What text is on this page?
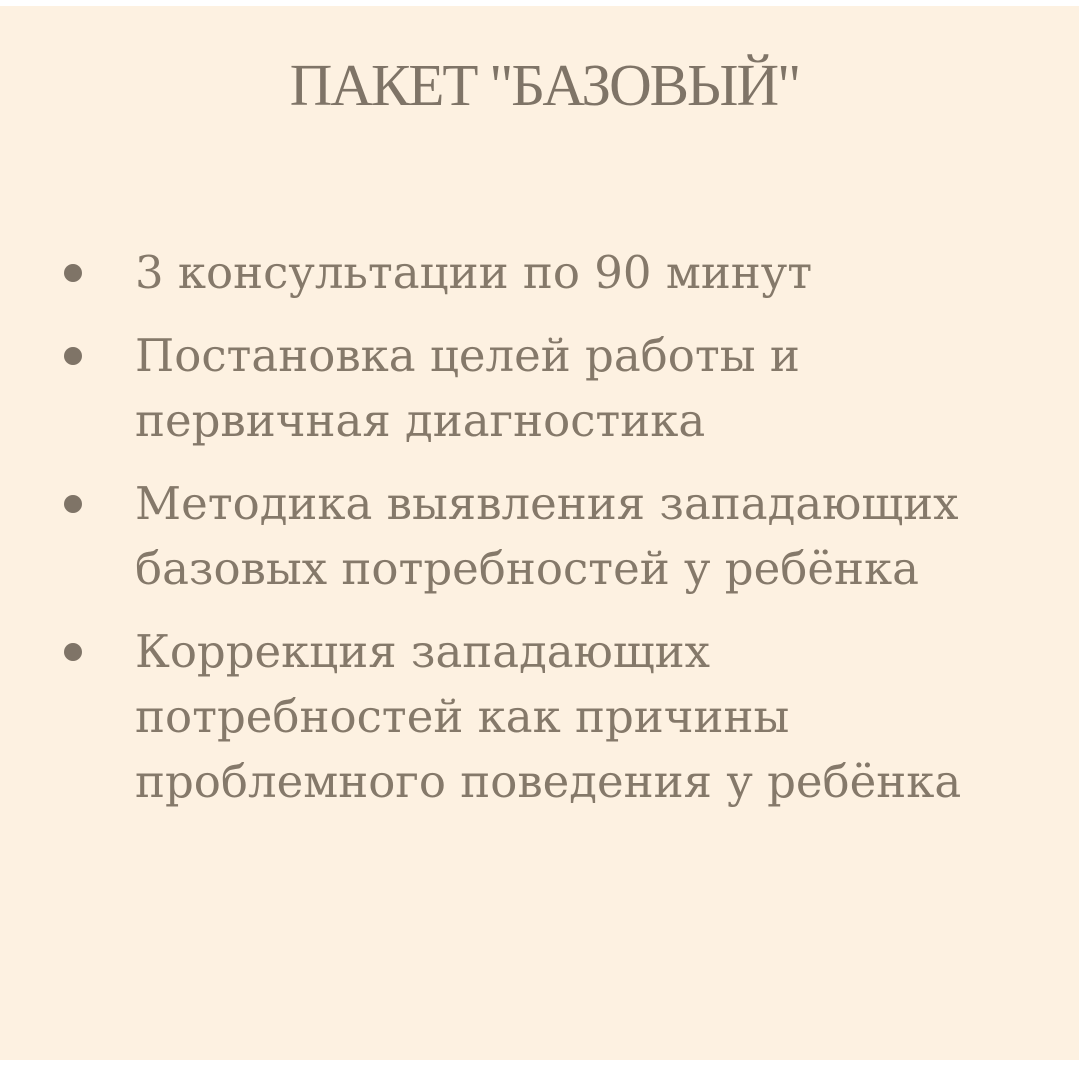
ПАКЕТ "БАЗОВЫЙ"
3 консультации по 90 минут
Постановка целей работы и
первичная диагностика
Методика выявления западающих
базовых потребностей у ребёнка
Коррекция западающих
потребностей как причины
проблемного поведения у ребёнка
